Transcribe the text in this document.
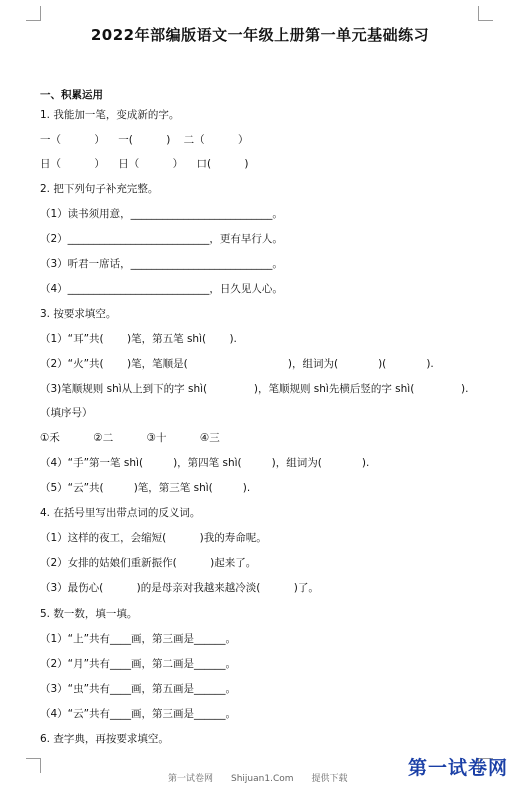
2022年部编版语文一年级上册第一单元基础练习
一、积累运用
1. 我能加一笔，变成新的字。
一（          ）    一(          )    二（          ）
日（          ）    日（          ）    口(          )
2. 把下列句子补充完整。
（1）读书须用意，___________________________。
（2）___________________________，更有早行人。
（3）听君一席话，___________________________。
（4）___________________________，日久见人心。
3. 按要求填空。
（1）“耳”共(       )笔，第五笔 shì(       ).
（2）“火”共(       )笔，笔顺是(                              )，组词为(            )(            ).
（3)笔顺规则 shì从上到下的字 shì(              )，笔顺规则 shì先横后竖的字 shì(              ).
（填序号）
①禾          ②二          ③十          ④三
（4）“手”第一笔 shì(         )，第四笔 shì(         )，组词为(            ).
（5）“云”共(         )笔，第三笔 shì(         ).
4. 在括号里写出带点词的反义词。
（1）这样的夜工，会缩短(          )我的寿命呢。
（2）女排的姑娘们重新振作(          )起来了。
（3）最伤心(          )的是母亲对我越来越冷淡(          )了。
5. 数一数，填一填。
（1）“上”共有____画，第三画是______。
（2）“月”共有____画，第二画是______。
（3）“虫”共有____画，第五画是______。
（4）“云”共有____画，第三画是______。
6. 查字典，再按要求填空。
第一试卷网 Shijuan1.Com 提供下载	第一试卷网
